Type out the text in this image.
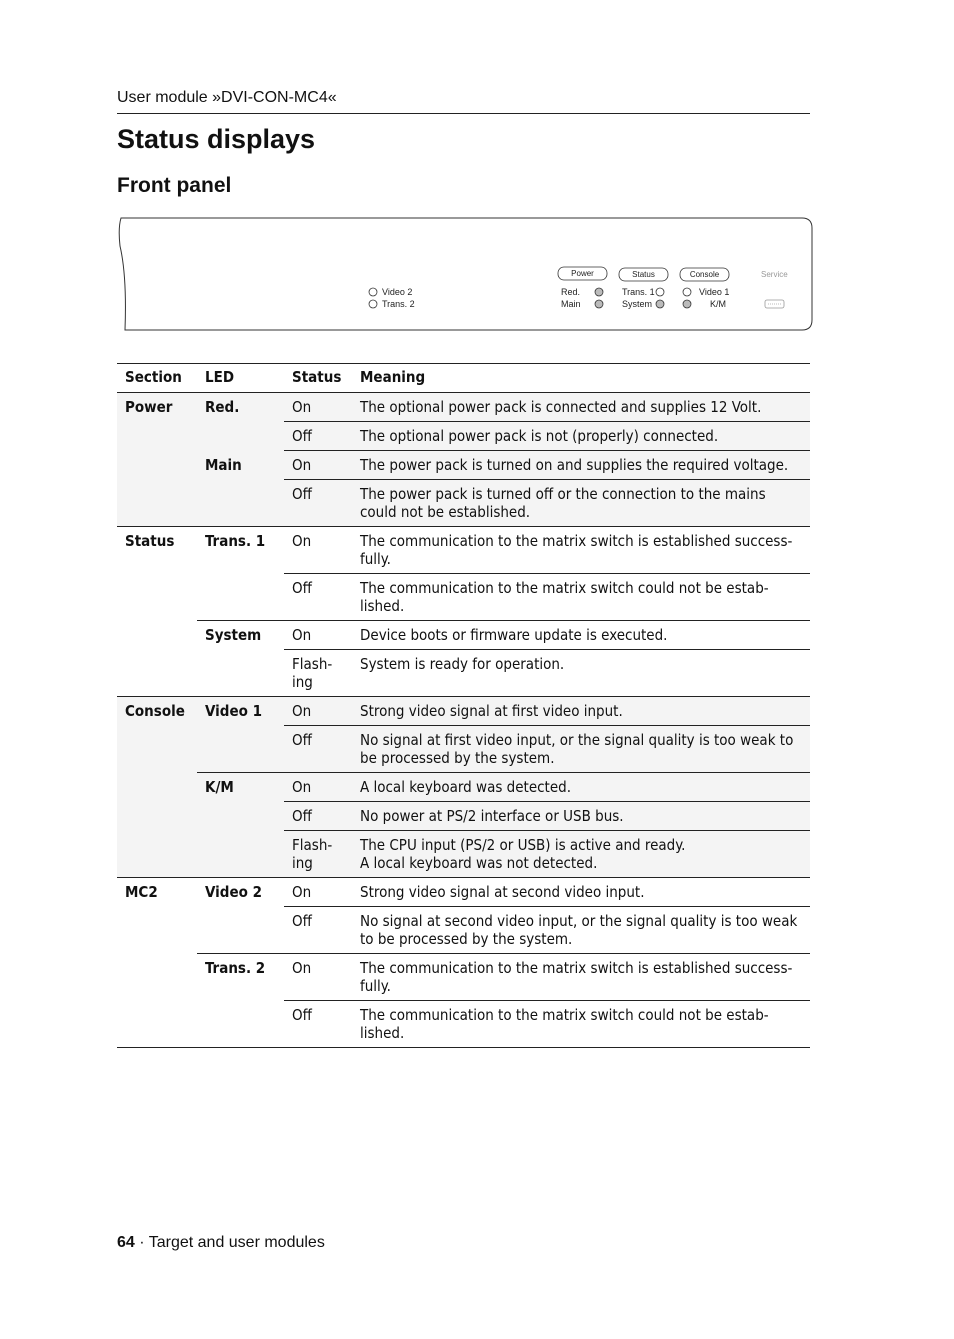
User module »DVI-CON-MC4«
Status displays
Front panel
Video 2
Trans. 2
Power	Status	Console	Service
Red.
Main
Trans. 1
System
Video 1
K/M
Section	LED	Status	Meaning
Power	Red.	On	The optional power pack is connected and supplies 12 Volt.
		Off	The optional power pack is not (properly) connected.
	Main	On	The power pack is turned on and supplies the required voltage.
		Off	The power pack is turned off or the connection to the mains could not be established.
Status	Trans. 1	On	The communication to the matrix switch is established success-fully.
		Off	The communication to the matrix switch could not be estab-lished.
	System	On	Device boots or firmware update is executed.
		Flash-ing	System is ready for operation.
Console	Video 1	On	Strong video signal at first video input.
		Off	No signal at first video input, or the signal quality is too weak to be processed by the system.
	K/M	On	A local keyboard was detected.
		Off	No power at PS/2 interface or USB bus.
		Flash-ing	The CPU input (PS/2 or USB) is active and ready.
A local keyboard was not detected.
MC2	Video 2	On	Strong video signal at second video input.
		Off	No signal at second video input, or the signal quality is too weak to be processed by the system.
	Trans. 2	On	The communication to the matrix switch is established success-fully.
		Off	The communication to the matrix switch could not be estab-lished.
64 · Target and user modules
